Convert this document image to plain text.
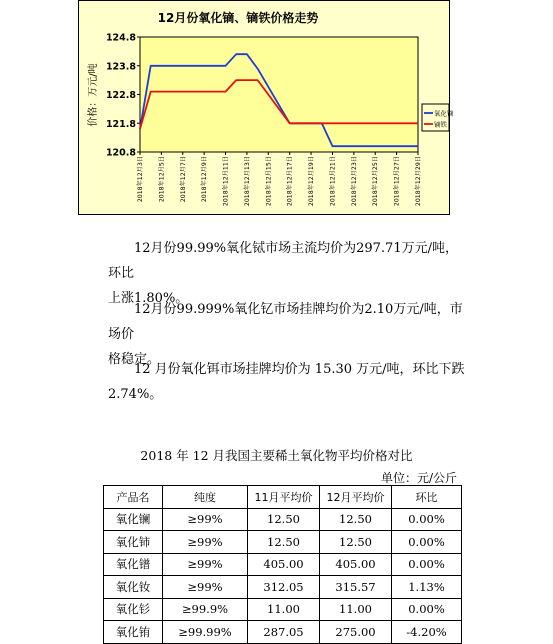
12月份氧化镝、镝铁价格走势
价格：万元/吨
120.8
121.8
122.8
123.8
124.8
2018年12月3日 2018年12月5日 2018年12月7日 2018年12月9日 2018年12月11日 2018年12月13日 2018年12月15日 2018年12月17日 2018年12月19日 2018年12月21日 2018年12月23日 2018年12月25日 2018年12月27日 2018年12月29日
氧化镝
镝铁

12月份99.99%氧化铽市场主流均价为297.71万元/吨，环比
上涨1.80%。

12月份99.999%氧化钇市场挂牌均价为2.10万元/吨，市场价
格稳定。

12 月份氧化铒市场挂牌均价为 15.30 万元/吨，环比下跌
2.74%。

2018 年 12 月我国主要稀土氧化物平均价格对比
单位：元/公斤
产品名	纯度	11月平均价	12月平均价	环比
氧化镧	≥99%	12.50	12.50	0.00%
氧化铈	≥99%	12.50	12.50	0.00%
氧化镨	≥99%	405.00	405.00	0.00%
氧化钕	≥99%	312.05	315.57	1.13%
氧化钐	≥99.9%	11.00	11.00	0.00%
氧化铕	≥99.99%	287.05	275.00	-4.20%
